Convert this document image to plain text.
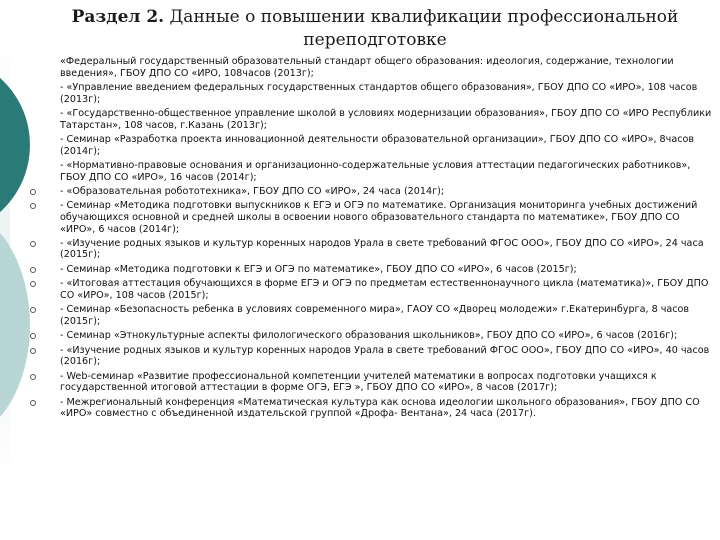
Раздел 2. Данные о повышении квалификации профессиональной переподготовке
«Федеральный государственный образовательный стандарт общего образования: идеология, содержание, технологии введения», ГБОУ ДПО СО «ИРО, 108часов (2013г);
- «Управление введением федеральных государственных стандартов общего образования», ГБОУ ДПО СО «ИРО», 108 часов (2013г);
- «Государственно-общественное управление школой в условиях модернизации образования», ГБОУ ДПО СО «ИРО Республики Татарстан», 108 часов, г.Казань (2013г);
- Семинар «Разработка проекта инновационной деятельности образовательной организации», ГБОУ ДПО СО «ИРО», 8часов (2014г);
- «Нормативно-правовые основания и организационно-содержательные условия аттестации педагогических работников», ГБОУ ДПО СО «ИРО», 16 часов (2014г);
- «Образовательная робототехника», ГБОУ ДПО СО «ИРО», 24 часа (2014г);
- Семинар «Методика подготовки выпускников к ЕГЭ и ОГЭ по математике. Организация мониторинга учебных достижений обучающихся основной и средней школы в освоении нового образовательного стандарта по математике», ГБОУ ДПО СО «ИРО», 6 часов (2014г);
- «Изучение родных языков и культур коренных народов Урала в свете требований ФГОС ООО», ГБОУ ДПО СО «ИРО», 24 часа (2015г);
- Семинар «Методика подготовки к ЕГЭ и ОГЭ по математике», ГБОУ ДПО СО «ИРО», 6 часов (2015г);
- «Итоговая аттестация обучающихся в форме ЕГЭ и ОГЭ по предметам естественнонаучного цикла (математика)», ГБОУ ДПО СО «ИРО», 108 часов (2015г);
- Семинар «Безопасность ребенка в условиях современного мира», ГАОУ СО «Дворец молодежи» г.Екатеринбурга, 8 часов (2015г);
- Семинар «Этнокультурные аспекты филологического образования школьников», ГБОУ ДПО СО «ИРО», 6 часов (2016г);
- «Изучение родных языков и культур коренных народов Урала в свете требований ФГОС ООО», ГБОУ ДПО СО «ИРО», 40 часов (2016г);
- Web-семинар «Развитие профессиональной компетенции учителей математики в вопросах подготовки учащихся к государственной итоговой аттестации в форме ОГЭ, ЕГЭ », ГБОУ ДПО СО «ИРО», 8 часов (2017г);
- Межрегиональный конференция «Математическая культура как основа идеологии школьного образования», ГБОУ ДПО СО «ИРО» совместно с объединенной издательской группой «Дрофа- Вентана», 24 часа (2017г).
